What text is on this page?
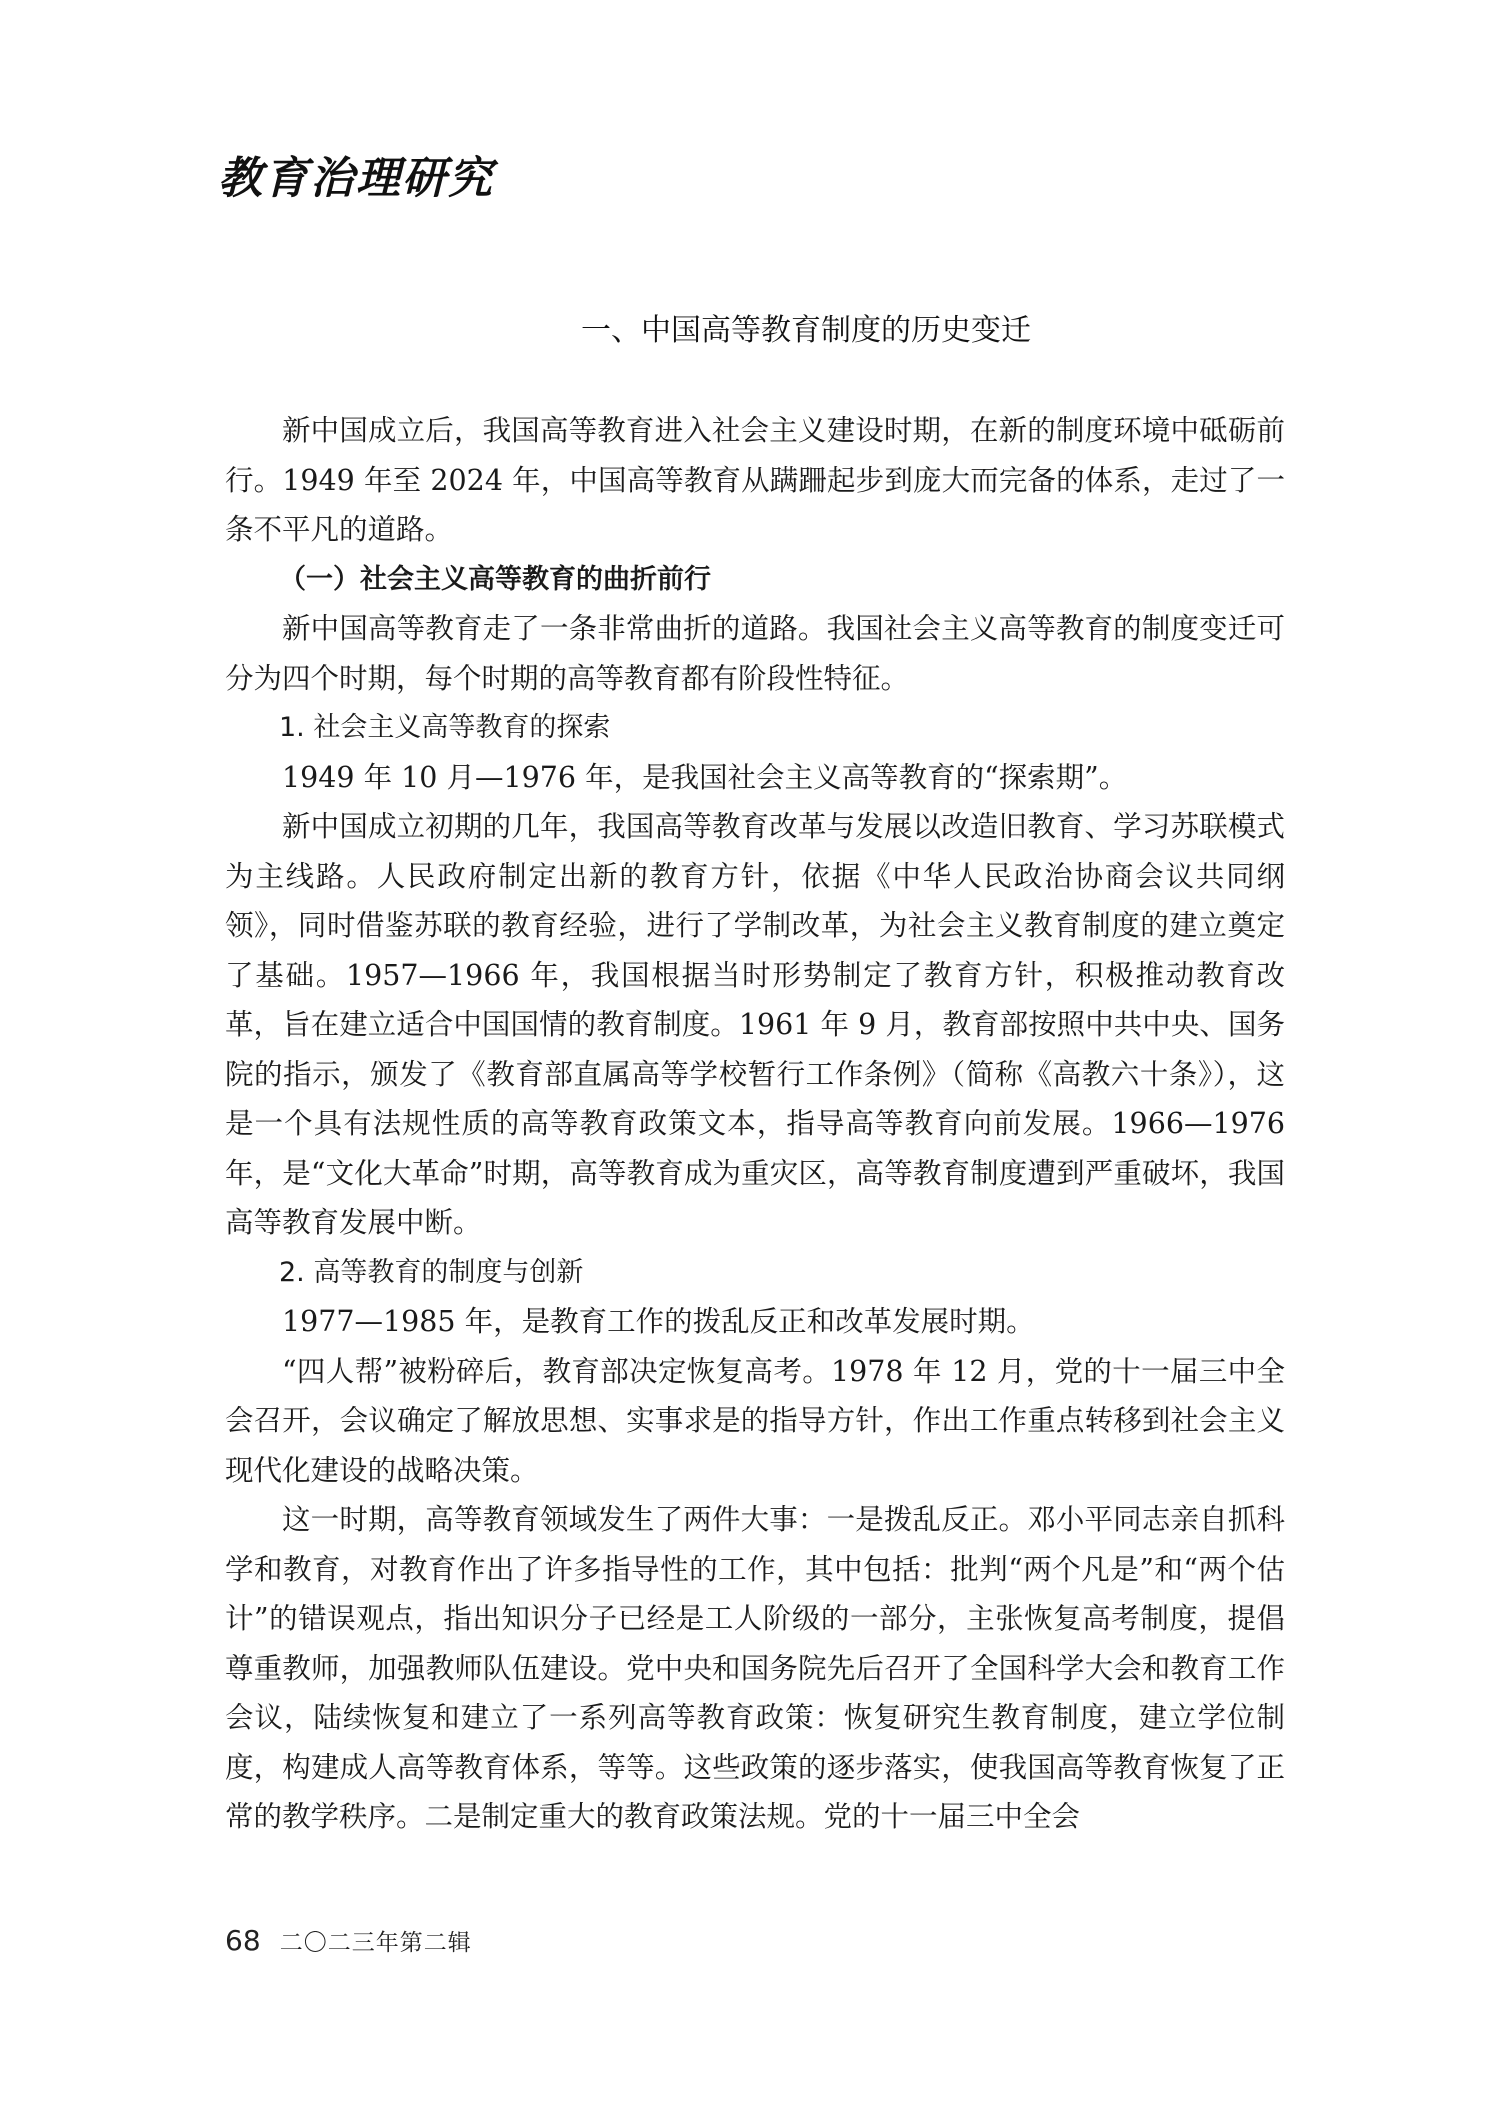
教育治理研究
一、中国高等教育制度的历史变迁

新中国成立后，我国高等教育进入社会主义建设时期，在新的制度环境中砥砺前行。1949 年至 2024 年，中国高等教育从蹒跚起步到庞大而完备的体系，走过了一条不平凡的道路。

（一）社会主义高等教育的曲折前行

新中国高等教育走了一条非常曲折的道路。我国社会主义高等教育的制度变迁可分为四个时期，每个时期的高等教育都有阶段性特征。

1. 社会主义高等教育的探索

1949 年 10 月—1976 年，是我国社会主义高等教育的“探索期”。

新中国成立初期的几年，我国高等教育改革与发展以改造旧教育、学习苏联模式为主线路。人民政府制定出新的教育方针，依据《中华人民政治协商会议共同纲领》，同时借鉴苏联的教育经验，进行了学制改革，为社会主义教育制度的建立奠定了基础。1957—1966 年，我国根据当时形势制定了教育方针，积极推动教育改革，旨在建立适合中国国情的教育制度。1961 年 9 月，教育部按照中共中央、国务院的指示，颁发了《教育部直属高等学校暂行工作条例》（简称《高教六十条》），这是一个具有法规性质的高等教育政策文本，指导高等教育向前发展。1966—1976 年，是“文化大革命”时期，高等教育成为重灾区，高等教育制度遭到严重破坏，我国高等教育发展中断。

2. 高等教育的制度与创新

1977—1985 年，是教育工作的拨乱反正和改革发展时期。

“四人帮”被粉碎后，教育部决定恢复高考。1978 年 12 月，党的十一届三中全会召开，会议确定了解放思想、实事求是的指导方针，作出工作重点转移到社会主义现代化建设的战略决策。

这一时期，高等教育领域发生了两件大事：一是拨乱反正。邓小平同志亲自抓科学和教育，对教育作出了许多指导性的工作，其中包括：批判“两个凡是”和“两个估计”的错误观点，指出知识分子已经是工人阶级的一部分，主张恢复高考制度，提倡尊重教师，加强教师队伍建设。党中央和国务院先后召开了全国科学大会和教育工作会议，陆续恢复和建立了一系列高等教育政策：恢复研究生教育制度，建立学位制度，构建成人高等教育体系，等等。这些政策的逐步落实，使我国高等教育恢复了正常的教学秩序。二是制定重大的教育政策法规。党的十一届三中全会

68 二〇二三年第二辑
